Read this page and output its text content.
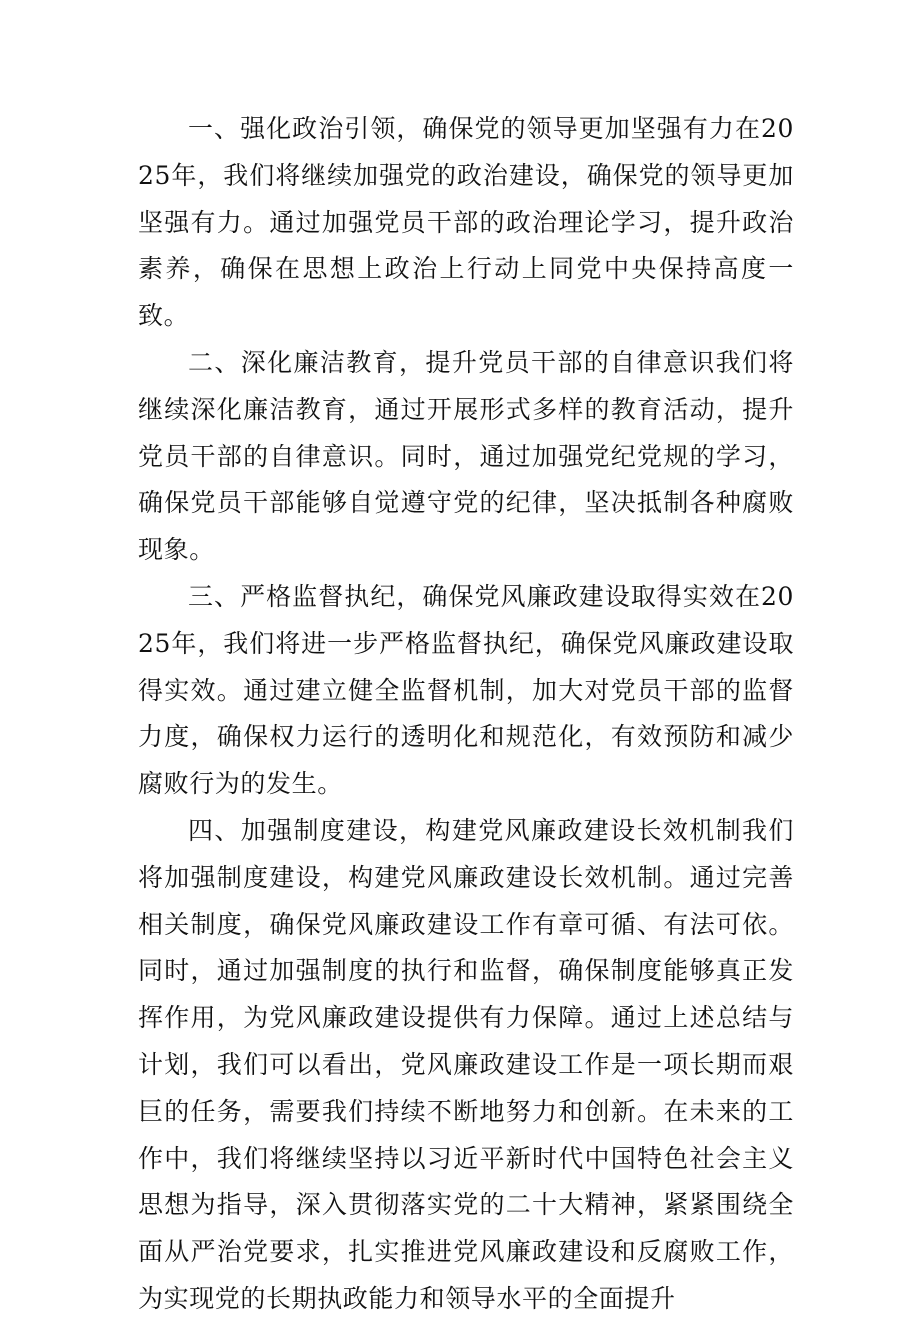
一、强化政治引领，确保党的领导更加坚强有力在2025年，我们将继续加强党的政治建设，确保党的领导更加坚强有力。通过加强党员干部的政治理论学习，提升政治素养，确保在思想上政治上行动上同党中央保持高度一致。

二、深化廉洁教育，提升党员干部的自律意识我们将继续深化廉洁教育，通过开展形式多样的教育活动，提升党员干部的自律意识。同时，通过加强党纪党规的学习，确保党员干部能够自觉遵守党的纪律，坚决抵制各种腐败现象。

三、严格监督执纪，确保党风廉政建设取得实效在2025年，我们将进一步严格监督执纪，确保党风廉政建设取得实效。通过建立健全监督机制，加大对党员干部的监督力度，确保权力运行的透明化和规范化，有效预防和减少腐败行为的发生。

四、加强制度建设，构建党风廉政建设长效机制我们将加强制度建设，构建党风廉政建设长效机制。通过完善相关制度，确保党风廉政建设工作有章可循、有法可依。同时，通过加强制度的执行和监督，确保制度能够真正发挥作用，为党风廉政建设提供有力保障。通过上述总结与计划，我们可以看出，党风廉政建设工作是一项长期而艰巨的任务，需要我们持续不断地努力和创新。在未来的工作中，我们将继续坚持以习近平新时代中国特色社会主义思想为指导，深入贯彻落实党的二十大精神，紧紧围绕全面从严治党要求，扎实推进党风廉政建设和反腐败工作，为实现党的长期执政能力和领导水平的全面提升
